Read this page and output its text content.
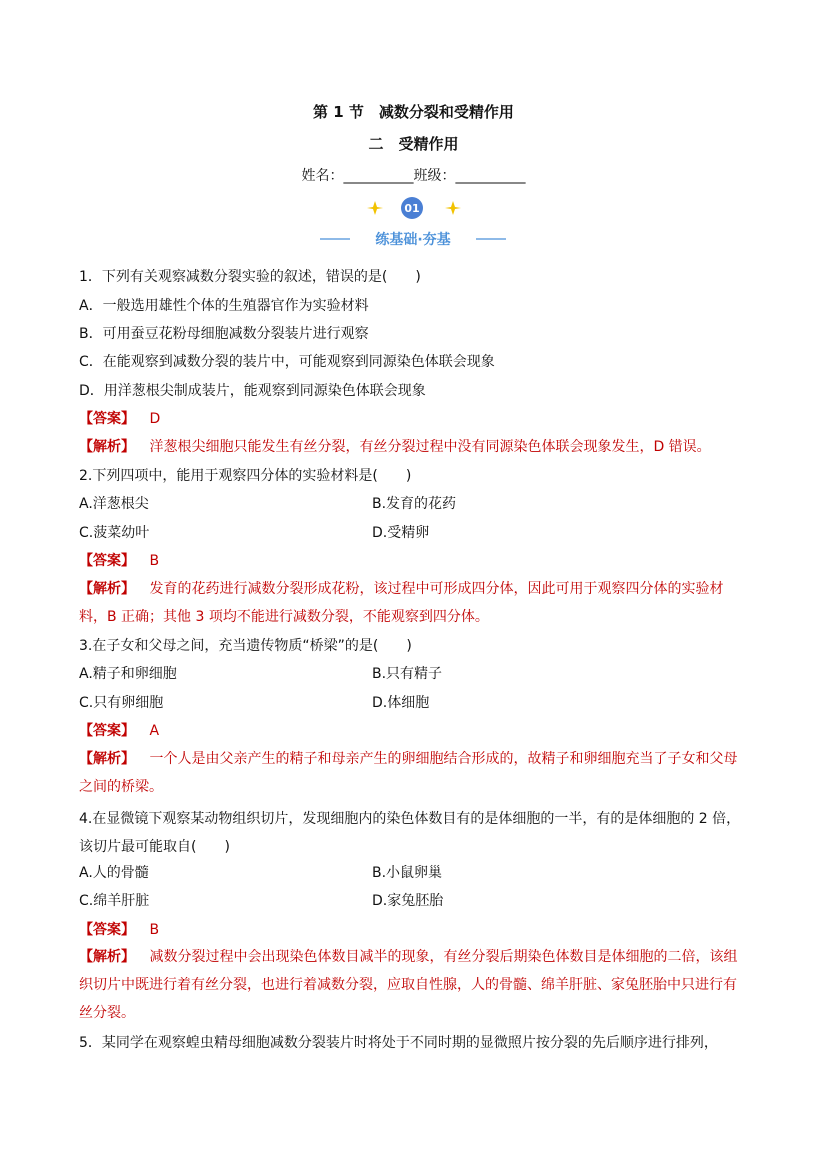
第 1 节　减数分裂和受精作用
二　受精作用
姓名：__________班级：__________
01
练基础·夯基
1．下列有关观察减数分裂实验的叙述，错误的是(　　)
A．一般选用雄性个体的生殖器官作为实验材料
B．可用蚕豆花粉母细胞减数分裂装片进行观察
C．在能观察到减数分裂的装片中，可能观察到同源染色体联会现象
D．用洋葱根尖制成装片，能观察到同源染色体联会现象
【答案】 D
【解析】 洋葱根尖细胞只能发生有丝分裂，有丝分裂过程中没有同源染色体联会现象发生，D 错误。
2.下列四项中，能用于观察四分体的实验材料是(　　)
A.洋葱根尖	B.发育的花药
C.菠菜幼叶	D.受精卵
【答案】 B
【解析】 发育的花药进行减数分裂形成花粉，该过程中可形成四分体，因此可用于观察四分体的实验材料，B 正确；其他 3 项均不能进行减数分裂，不能观察到四分体。
3.在子女和父母之间，充当遗传物质“桥梁”的是(　　)
A.精子和卵细胞	B.只有精子
C.只有卵细胞	D.体细胞
【答案】 A
【解析】 一个人是由父亲产生的精子和母亲产生的卵细胞结合形成的，故精子和卵细胞充当了子女和父母之间的桥梁。
4.在显微镜下观察某动物组织切片，发现细胞内的染色体数目有的是体细胞的一半，有的是体细胞的 2 倍，该切片最可能取自(　　)
A.人的骨髓	B.小鼠卵巢
C.绵羊肝脏	D.家兔胚胎
【答案】 B
【解析】 减数分裂过程中会出现染色体数目减半的现象，有丝分裂后期染色体数目是体细胞的二倍，该组织切片中既进行着有丝分裂，也进行着减数分裂，应取自性腺，人的骨髓、绵羊肝脏、家兔胚胎中只进行有丝分裂。
5．某同学在观察蝗虫精母细胞减数分裂装片时将处于不同时期的显微照片按分裂的先后顺序进行排列，
